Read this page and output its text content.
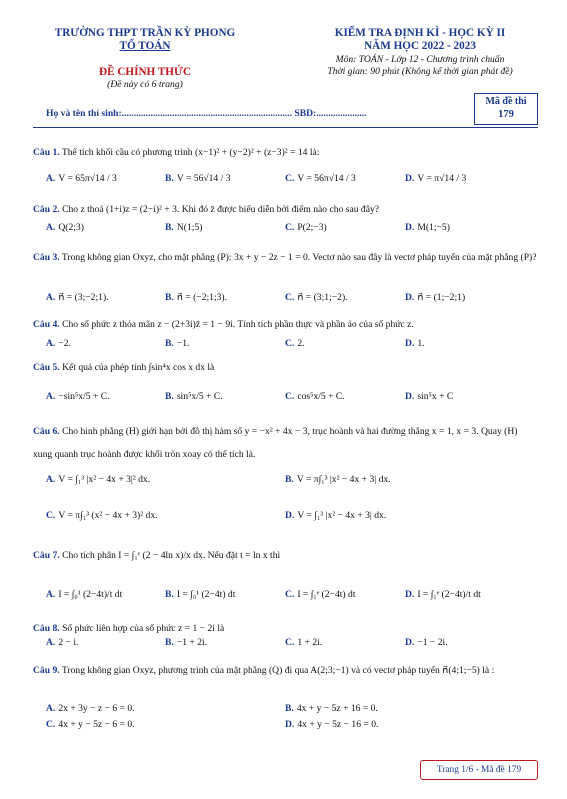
TRƯỜNG THPT TRẦN KỲ PHONG
TỔ TOÁN
ĐỀ CHÍNH THỨC
(Đề này có 6 trang)
KIỂM TRA ĐỊNH KÌ - HỌC KỲ II
NĂM HỌC 2022 - 2023
Môn: TOÁN - Lớp 12 - Chương trình chuẩn
Thời gian: 90 phút (Không kể thời gian phát đề)
Họ và tên thí sinh:....................................................................... SBD:.....................
Mã đề thi
179
Câu 1. Thể tích khối cầu có phương trình (x−1)² + (y−2)² + (z−3)² = 14 là:
A. V = 65π√14 / 3	B. V = 56√14 / 3	C. V = 56π√14 / 3	D. V = π√14 / 3
Câu 2. Cho z thoả (1+i)z = (2−i)² + 3. Khi đó z̄ được biểu diễn bởi điểm nào cho sau đây?
A. Q(2;3)	B. N(1;5)	C. P(2;−3)	D. M(1;−5)
Câu 3. Trong không gian Oxyz, cho mặt phẳng (P): 3x + y − 2z − 1 = 0. Vectơ nào sau đây là vectơ pháp tuyến của mặt phẳng (P)?
A. n⃗ = (3;−2;1).	B. n⃗ = (−2;1;3).	C. n⃗ = (3;1;−2).	D. n⃗ = (1;−2;1)
Câu 4. Cho số phức z thỏa mãn z − (2+3i)z̄ = 1 − 9i. Tính tích phần thực và phần ảo của số phức z.
A. −2.	B. −1.	C. 2.	D. 1.
Câu 5. Kết quả của phép tính ∫sin⁴x cos x dx là
A. −sin⁵x/5 + C.	B. sin⁵x/5 + C.	C. cos⁵x/5 + C.	D. sin⁵x + C
Câu 6. Cho hình phẳng (H) giới hạn bởi đồ thị hàm số y = −x² + 4x − 3, trục hoành và hai đường thẳng x = 1, x = 3. Quay (H) xung quanh trục hoành được khối tròn xoay có thể tích là.
A. V = ∫₁³ |x² − 4x + 3|² dx.	B. V = π∫₁³ |x² − 4x + 3| dx.
C. V = π∫₁³ (x² − 4x + 3)² dx.	D. V = ∫₁³ |x² − 4x + 3| dx.
Câu 7. Cho tích phân I = ∫₁ᵉ (2 − 4ln x)/x dx. Nếu đặt t = ln x thì
A. I = ∫₀¹ (2−4t)/t dt	B. I = ∫₀¹ (2−4t) dt	C. I = ∫₁ᵉ (2−4t) dt	D. I = ∫₁ᵉ (2−4t)/t dt
Câu 8. Số phức liên hợp của số phức z = 1 − 2i là
A. 2 − i.	B. −1 + 2i.	C. 1 + 2i.	D. −1 − 2i.
Câu 9. Trong không gian Oxyz, phương trình của mặt phẳng (Q) đi qua A(2;3;−1) và có vectơ pháp tuyến n⃗(4;1;−5) là :
A. 2x + 3y − z − 6 = 0.	B. 4x + y − 5z + 16 = 0.
C. 4x + y − 5z − 6 = 0.	D. 4x + y − 5z − 16 = 0.
Trang 1/6 - Mã đề 179
